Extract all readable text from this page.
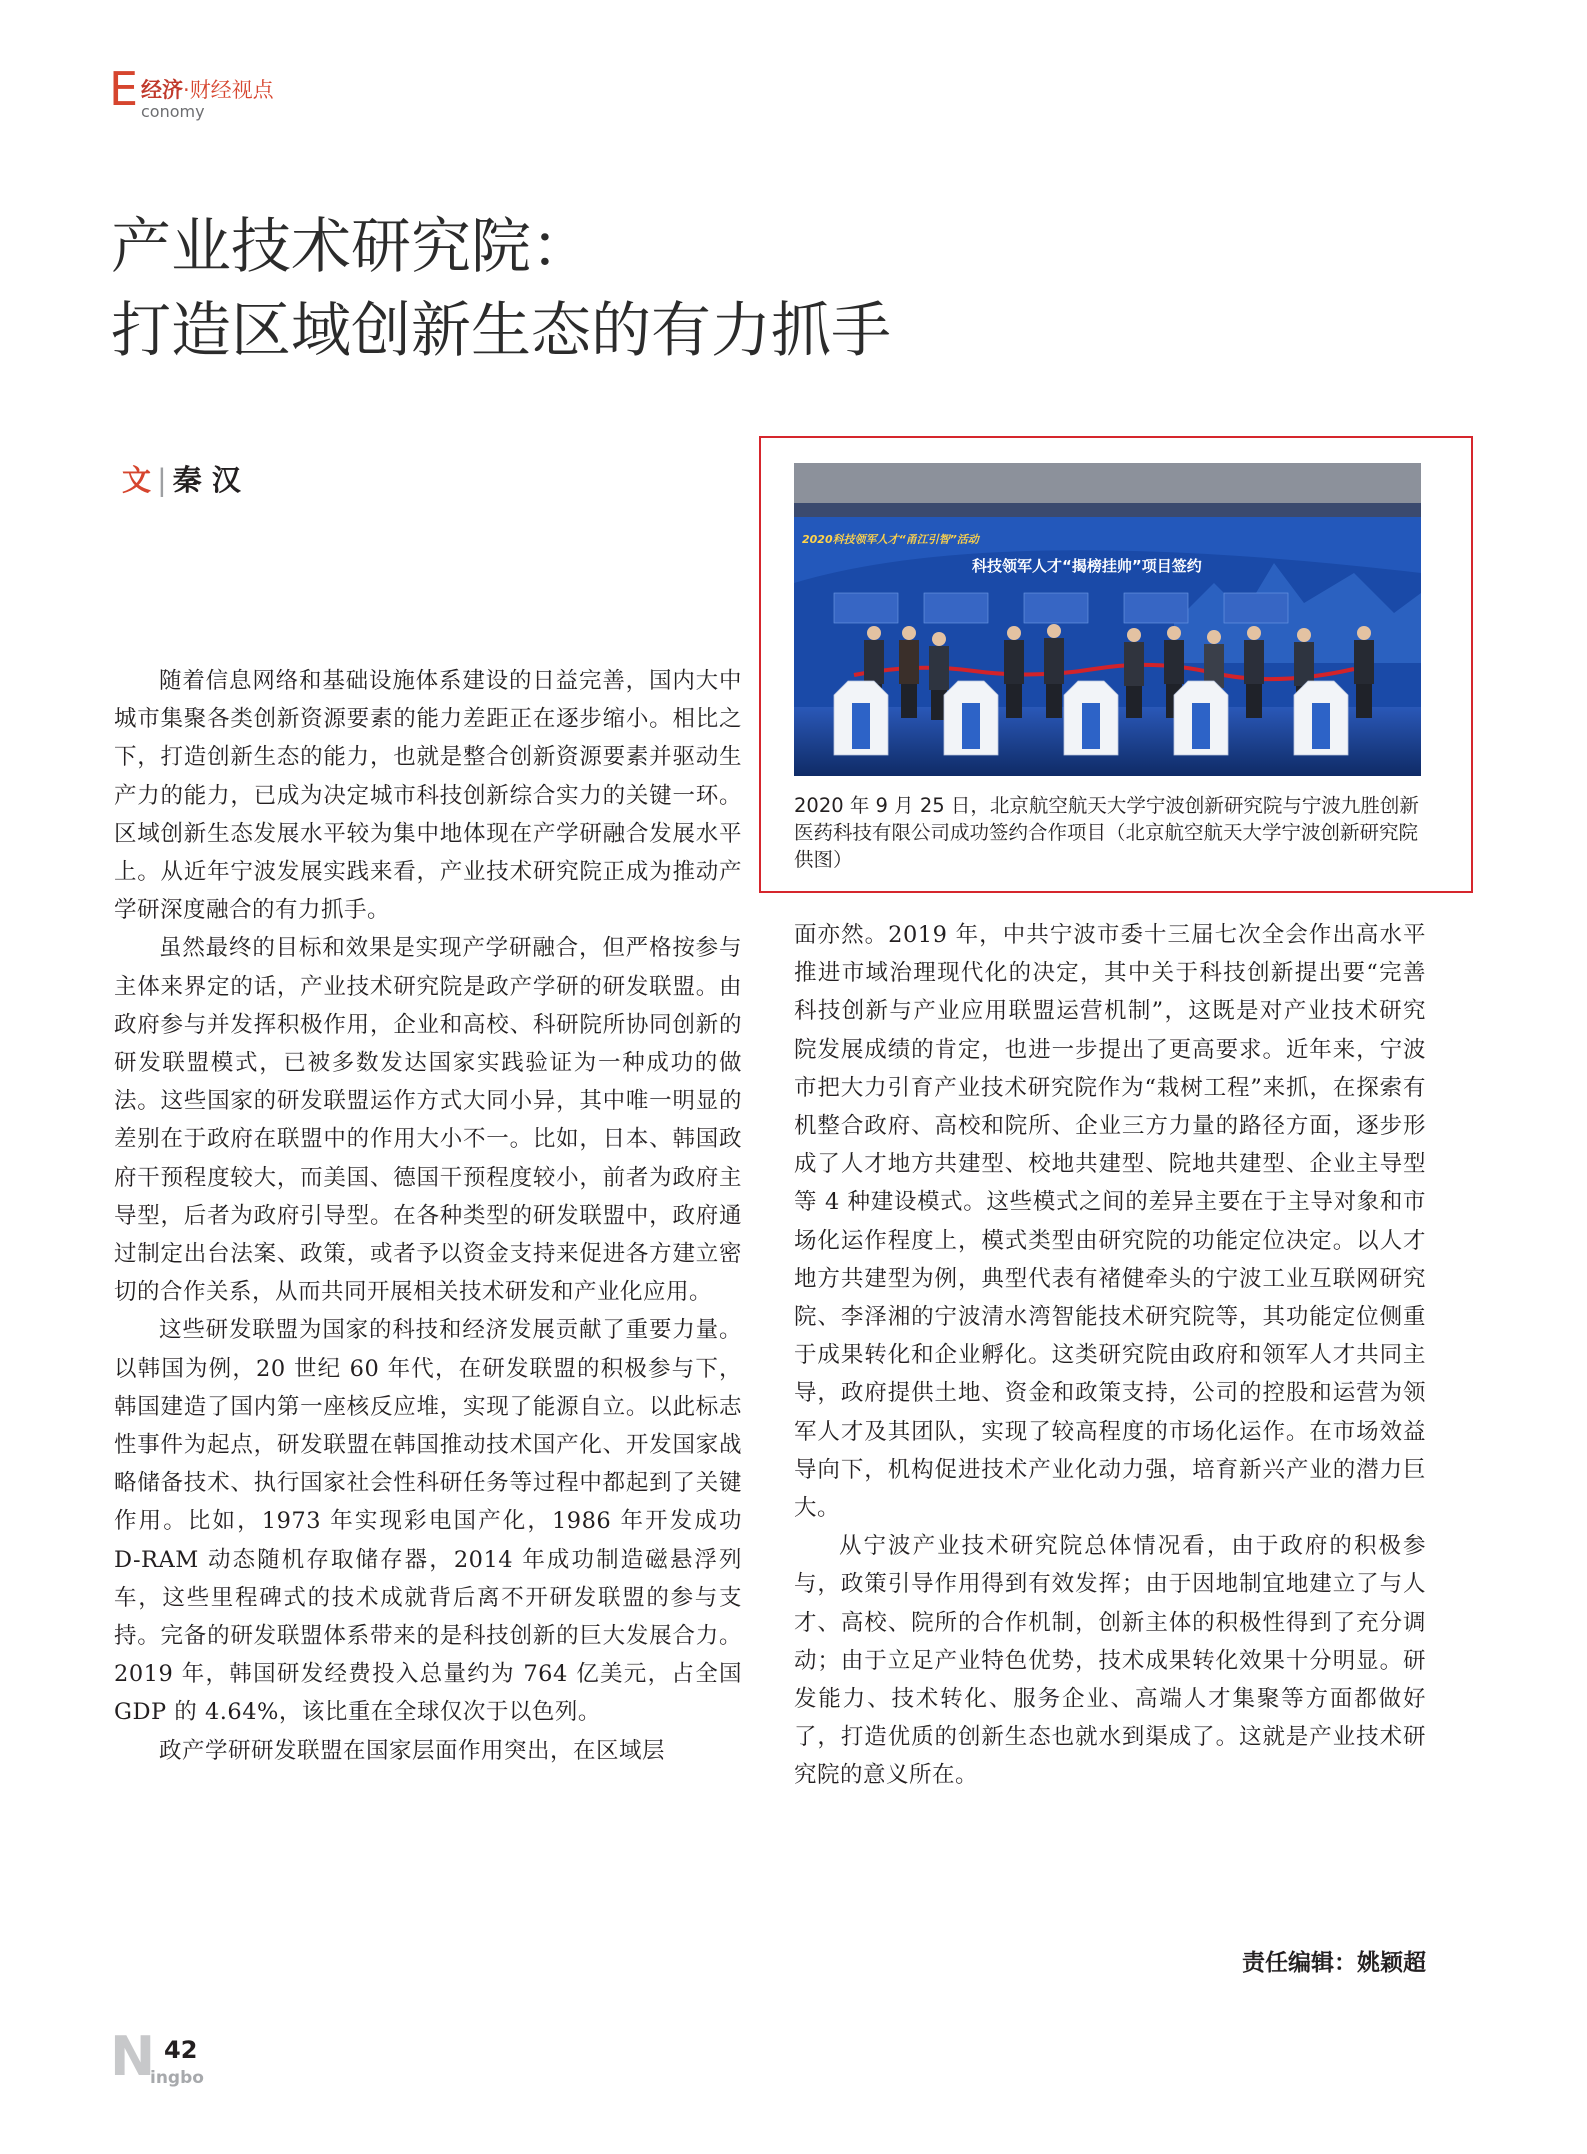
E 经济·财经视点
conomy
产业技术研究院：
打造区域创新生态的有力抓手
文 | 秦汉
2020科技领军人才“甬江引智”活动
科技领军人才“揭榜挂帅”项目签约
2020 年 9 月 25 日，北京航空航天大学宁波创新研究院与宁波九胜创新医药科技有限公司成功签约合作项目（北京航空航天大学宁波创新研究院供图）

随着信息网络和基础设施体系建设的日益完善，国内大中城市集聚各类创新资源要素的能力差距正在逐步缩小。相比之下，打造创新生态的能力，也就是整合创新资源要素并驱动生产力的能力，已成为决定城市科技创新综合实力的关键一环。区域创新生态发展水平较为集中地体现在产学研融合发展水平上。从近年宁波发展实践来看，产业技术研究院正成为推动产学研深度融合的有力抓手。

虽然最终的目标和效果是实现产学研融合，但严格按参与主体来界定的话，产业技术研究院是政产学研的研发联盟。由政府参与并发挥积极作用，企业和高校、科研院所协同创新的研发联盟模式，已被多数发达国家实践验证为一种成功的做法。这些国家的研发联盟运作方式大同小异，其中唯一明显的差别在于政府在联盟中的作用大小不一。比如，日本、韩国政府干预程度较大，而美国、德国干预程度较小，前者为政府主导型，后者为政府引导型。在各种类型的研发联盟中，政府通过制定出台法案、政策，或者予以资金支持来促进各方建立密切的合作关系，从而共同开展相关技术研发和产业化应用。

这些研发联盟为国家的科技和经济发展贡献了重要力量。以韩国为例，20 世纪 60 年代，在研发联盟的积极参与下，韩国建造了国内第一座核反应堆，实现了能源自立。以此标志性事件为起点，研发联盟在韩国推动技术国产化、开发国家战略储备技术、执行国家社会性科研任务等过程中都起到了关键作用。比如，1973 年实现彩电国产化，1986 年开发成功 D-RAM 动态随机存取储存器，2014 年成功制造磁悬浮列车，这些里程碑式的技术成就背后离不开研发联盟的参与支持。完备的研发联盟体系带来的是科技创新的巨大发展合力。2019 年，韩国研发经费投入总量约为 764 亿美元，占全国 GDP 的 4.64%，该比重在全球仅次于以色列。

政产学研研发联盟在国家层面作用突出，在区域层

面亦然。2019 年，中共宁波市委十三届七次全会作出高水平推进市域治理现代化的决定，其中关于科技创新提出要“完善科技创新与产业应用联盟运营机制”，这既是对产业技术研究院发展成绩的肯定，也进一步提出了更高要求。近年来，宁波市把大力引育产业技术研究院作为“栽树工程”来抓，在探索有机整合政府、高校和院所、企业三方力量的路径方面，逐步形成了人才地方共建型、校地共建型、院地共建型、企业主导型等 4 种建设模式。这些模式之间的差异主要在于主导对象和市场化运作程度上，模式类型由研究院的功能定位决定。以人才地方共建型为例，典型代表有褚健牵头的宁波工业互联网研究院、李泽湘的宁波清水湾智能技术研究院等，其功能定位侧重于成果转化和企业孵化。这类研究院由政府和领军人才共同主导，政府提供土地、资金和政策支持，公司的控股和运营为领军人才及其团队，实现了较高程度的市场化运作。在市场效益导向下，机构促进技术产业化动力强，培育新兴产业的潜力巨大。

从宁波产业技术研究院总体情况看，由于政府的积极参与，政策引导作用得到有效发挥；由于因地制宜地建立了与人才、高校、院所的合作机制，创新主体的积极性得到了充分调动；由于立足产业特色优势，技术成果转化效果十分明显。研发能力、技术转化、服务企业、高端人才集聚等方面都做好了，打造优质的创新生态也就水到渠成了。这就是产业技术研究院的意义所在。

责任编辑：姚颖超
N 42
ingbo
